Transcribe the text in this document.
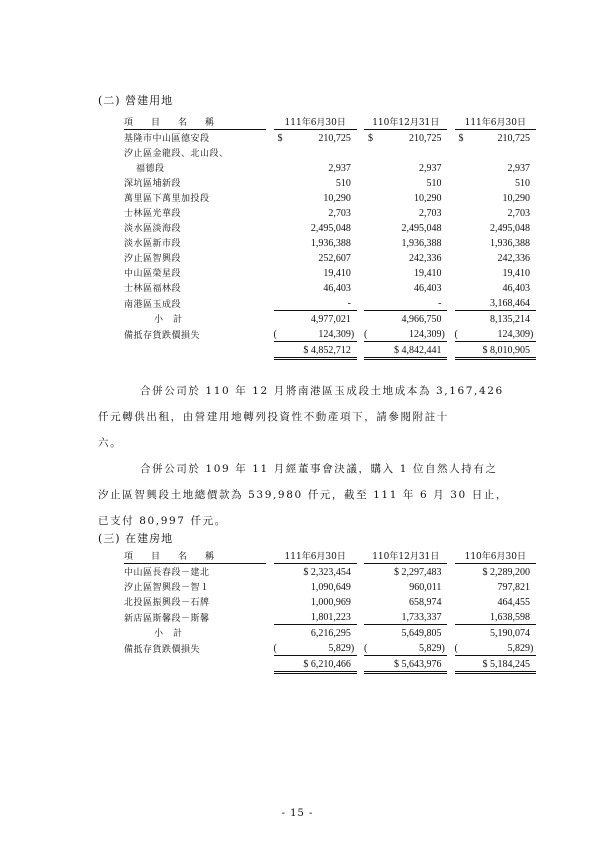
(二) 營建用地
項　　目　　名　　稱		111年6月30日		110年12月31日		111年6月30日
基隆市中山區德安段		$ 210,725		$ 210,725		$ 210,725
汐止區金龍段、北山段、						
福德段		2,937		2,937		2,937
深坑區埔新段		510		510		510
萬里區下萬里加投段		10,290		10,290		10,290
士林區光華段		2,703		2,703		2,703
淡水區淡海段		2,495,048		2,495,048		2,495,048
淡水區新市段		1,936,388		1,936,388		1,936,388
汐止區智興段		252,607		242,336		242,336
中山區榮星段		19,410		19,410		19,410
士林區福林段		46,403		46,403		46,403
南港區玉成段		-		-		3,168,464
小計		4,977,021		4,966,750		8,135,214
備抵存貨跌價損失		( 124,309)		( 124,309)		( 124,309)
		$ 4,852,712		$ 4,842,441		$ 8,010,905
合併公司於 110 年 12 月將南港區玉成段土地成本為 3,167,426
仟元轉供出租，由營建用地轉列投資性不動產項下，請參閱附註十
六。
合併公司於 109 年 11 月經董事會決議，購入 1 位自然人持有之
汐止區智興段土地總價款為 539,980 仟元，截至 111 年 6 月 30 日止，
已支付 80,997 仟元。
(三) 在建房地
項　　目　　名　　稱		111年6月30日		110年12月31日		110年6月30日
中山區長春段－建北		$ 2,323,454		$ 2,297,483		$ 2,289,200
汐止區智興段－智１		1,090,649		960,011		797,821
北投區振興段－石牌		1,000,969		658,974		464,455
新店區斯馨段－斯馨		1,801,223		1,733,337		1,638,598
小計		6,216,295		5,649,805		5,190,074
備抵存貨跌價損失		( 5,829)		( 5,829)		( 5,829)
		$ 6,210,466		$ 5,643,976		$ 5,184,245
- 15 -
